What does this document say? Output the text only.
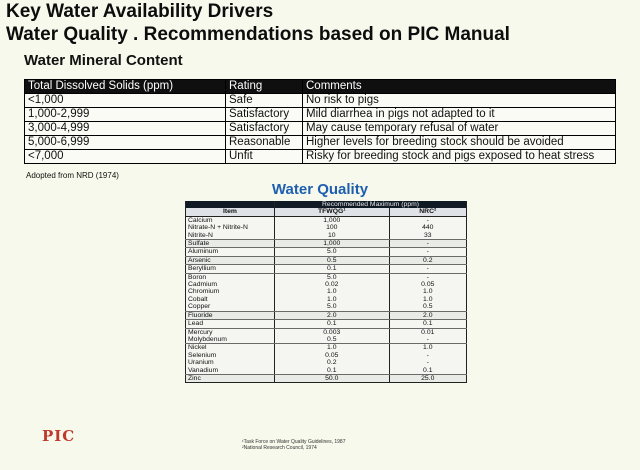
Key Water Availability Drivers
Water Quality . Recommendations based on PIC Manual
Water Mineral Content
Total Dissolved Solids (ppm)	Rating	Comments
<1,000	Safe	No risk to pigs
1,000-2,999	Satisfactory	Mild diarrhea in pigs not adapted to it
3,000-4,999	Satisfactory	May cause temporary refusal of water
5,000-6,999	Reasonable	Higher levels for breeding stock should be avoided
<7,000	Unfit	Risky for breeding stock and pigs exposed to heat stress
Adopted from NRD (1974)
Water Quality
	Recommended Maximum (ppm)	
Item	TFWQG¹	NRC²
Calcium	1,000	-
Nitrate-N + Nitrite-N	100	440
Nitrite-N	10	33
Sulfate	1,000	-
Aluminum	5.0	-
Arsenic	0.5	0.2
Beryllium	0.1	-
Boron	5.0	-
Cadmium	0.02	0.05
Chromium	1.0	1.0
Cobalt	1.0	1.0
Copper	5.0	0.5
Fluoride	2.0	2.0
Lead	0.1	0.1
Mercury	0.003	0.01
Molybdenum	0.5	-
Nickel	1.0	1.0
Selenium	0.05	-
Uranium	0.2	-
Vanadium	0.1	0.1
Zinc	50.0	25.0
¹Task Force on Water Quality Guidelines, 1987
²National Research Council, 1974
PIC
